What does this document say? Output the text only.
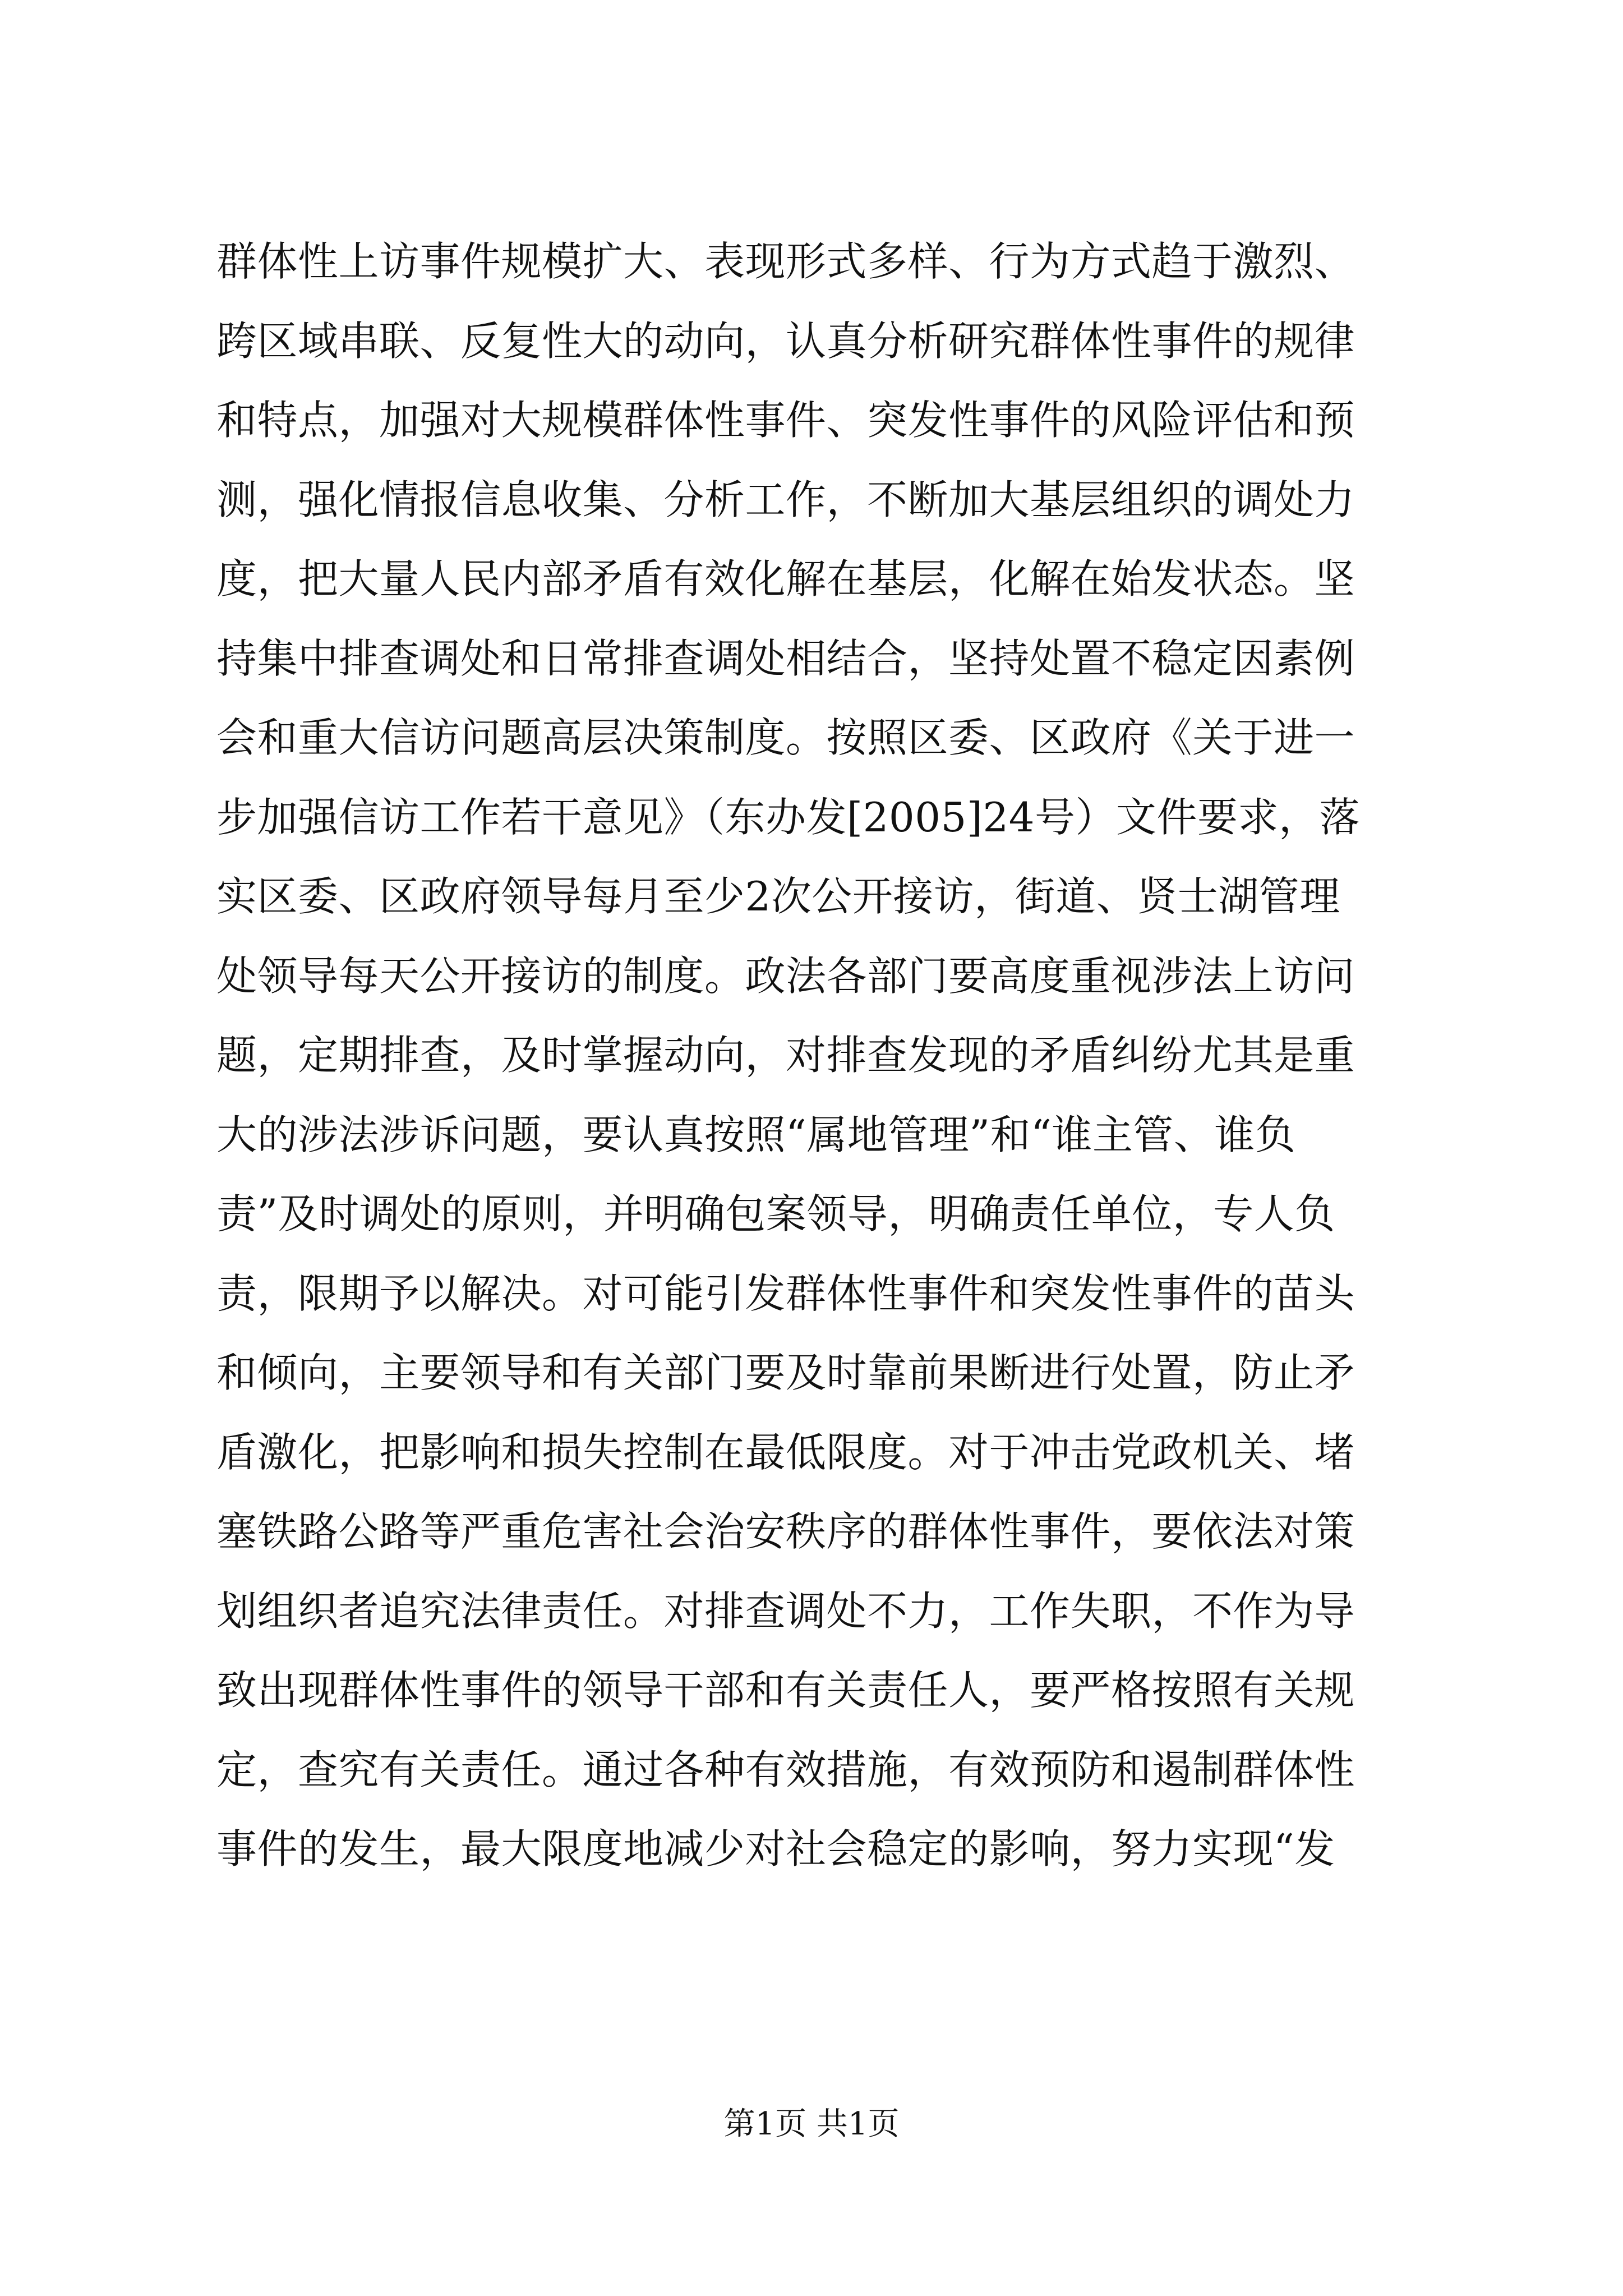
群体性上访事件规模扩大、表现形式多样、行为方式趋于激烈、
跨区域串联、反复性大的动向，认真分析研究群体性事件的规律
和特点，加强对大规模群体性事件、突发性事件的风险评估和预
测，强化情报信息收集、分析工作，不断加大基层组织的调处力
度，把大量人民内部矛盾有效化解在基层，化解在始发状态。坚
持集中排查调处和日常排查调处相结合，坚持处置不稳定因素例
会和重大信访问题高层决策制度。按照区委、区政府《关于进一
步加强信访工作若干意见》（东办发[2005]24号）文件要求，落
实区委、区政府领导每月至少2次公开接访，街道、贤士湖管理
处领导每天公开接访的制度。政法各部门要高度重视涉法上访问
题，定期排查，及时掌握动向，对排查发现的矛盾纠纷尤其是重
大的涉法涉诉问题，要认真按照“属地管理”和“谁主管、谁负
责”及时调处的原则，并明确包案领导，明确责任单位，专人负
责，限期予以解决。对可能引发群体性事件和突发性事件的苗头
和倾向，主要领导和有关部门要及时靠前果断进行处置，防止矛
盾激化，把影响和损失控制在最低限度。对于冲击党政机关、堵
塞铁路公路等严重危害社会治安秩序的群体性事件，要依法对策
划组织者追究法律责任。对排查调处不力，工作失职，不作为导
致出现群体性事件的领导干部和有关责任人，要严格按照有关规
定，查究有关责任。通过各种有效措施，有效预防和遏制群体性
事件的发生，最大限度地减少对社会稳定的影响，努力实现“发
第1页 共1页
